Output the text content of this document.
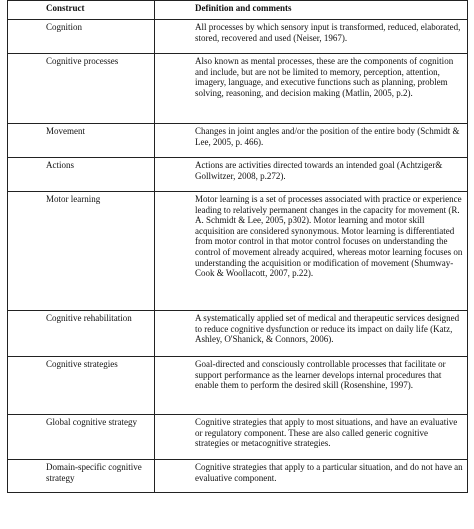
Construct	Definition and comments
Cognition	All processes by which sensory input is transformed, reduced, elaborated, stored, recovered and used (Neiser, 1967).
Cognitive processes	Also known as mental processes, these are the components of cognition and include, but are not be limited to memory, perception, attention, imagery, language, and executive functions such as planning, problem solving, reasoning, and decision making (Matlin, 2005, p.2).
Movement	Changes in joint angles and/or the position of the entire body (Schmidt & Lee, 2005, p. 466).
Actions	Actions are activities directed towards an intended goal (Achtziger& Gollwitzer, 2008, p.272).
Motor learning	Motor learning is a set of processes associated with practice or experience leading to relatively permanent changes in the capacity for movement (R. A. Schmidt & Lee, 2005, p302). Motor learning and motor skill acquisition are considered synonymous. Motor learning is differentiated from motor control in that motor control focuses on understanding the control of movement already acquired, whereas motor learning focuses on understanding the acquisition or modification of movement (Shumway-Cook & Woollacott, 2007, p.22).
Cognitive rehabilitation	A systematically applied set of medical and therapeutic services designed to reduce cognitive dysfunction or reduce its impact on daily life (Katz, Ashley, O'Shanick, & Connors, 2006).
Cognitive strategies	Goal-directed and consciously controllable processes that facilitate or support performance as the learner develops internal procedures that enable them to perform the desired skill (Rosenshine, 1997).
Global cognitive strategy	Cognitive strategies that apply to most situations, and have an evaluative or regulatory component. These are also called generic cognitive strategies or metacognitive strategies.
Domain-specific cognitive strategy	Cognitive strategies that apply to a particular situation, and do not have an evaluative component.
